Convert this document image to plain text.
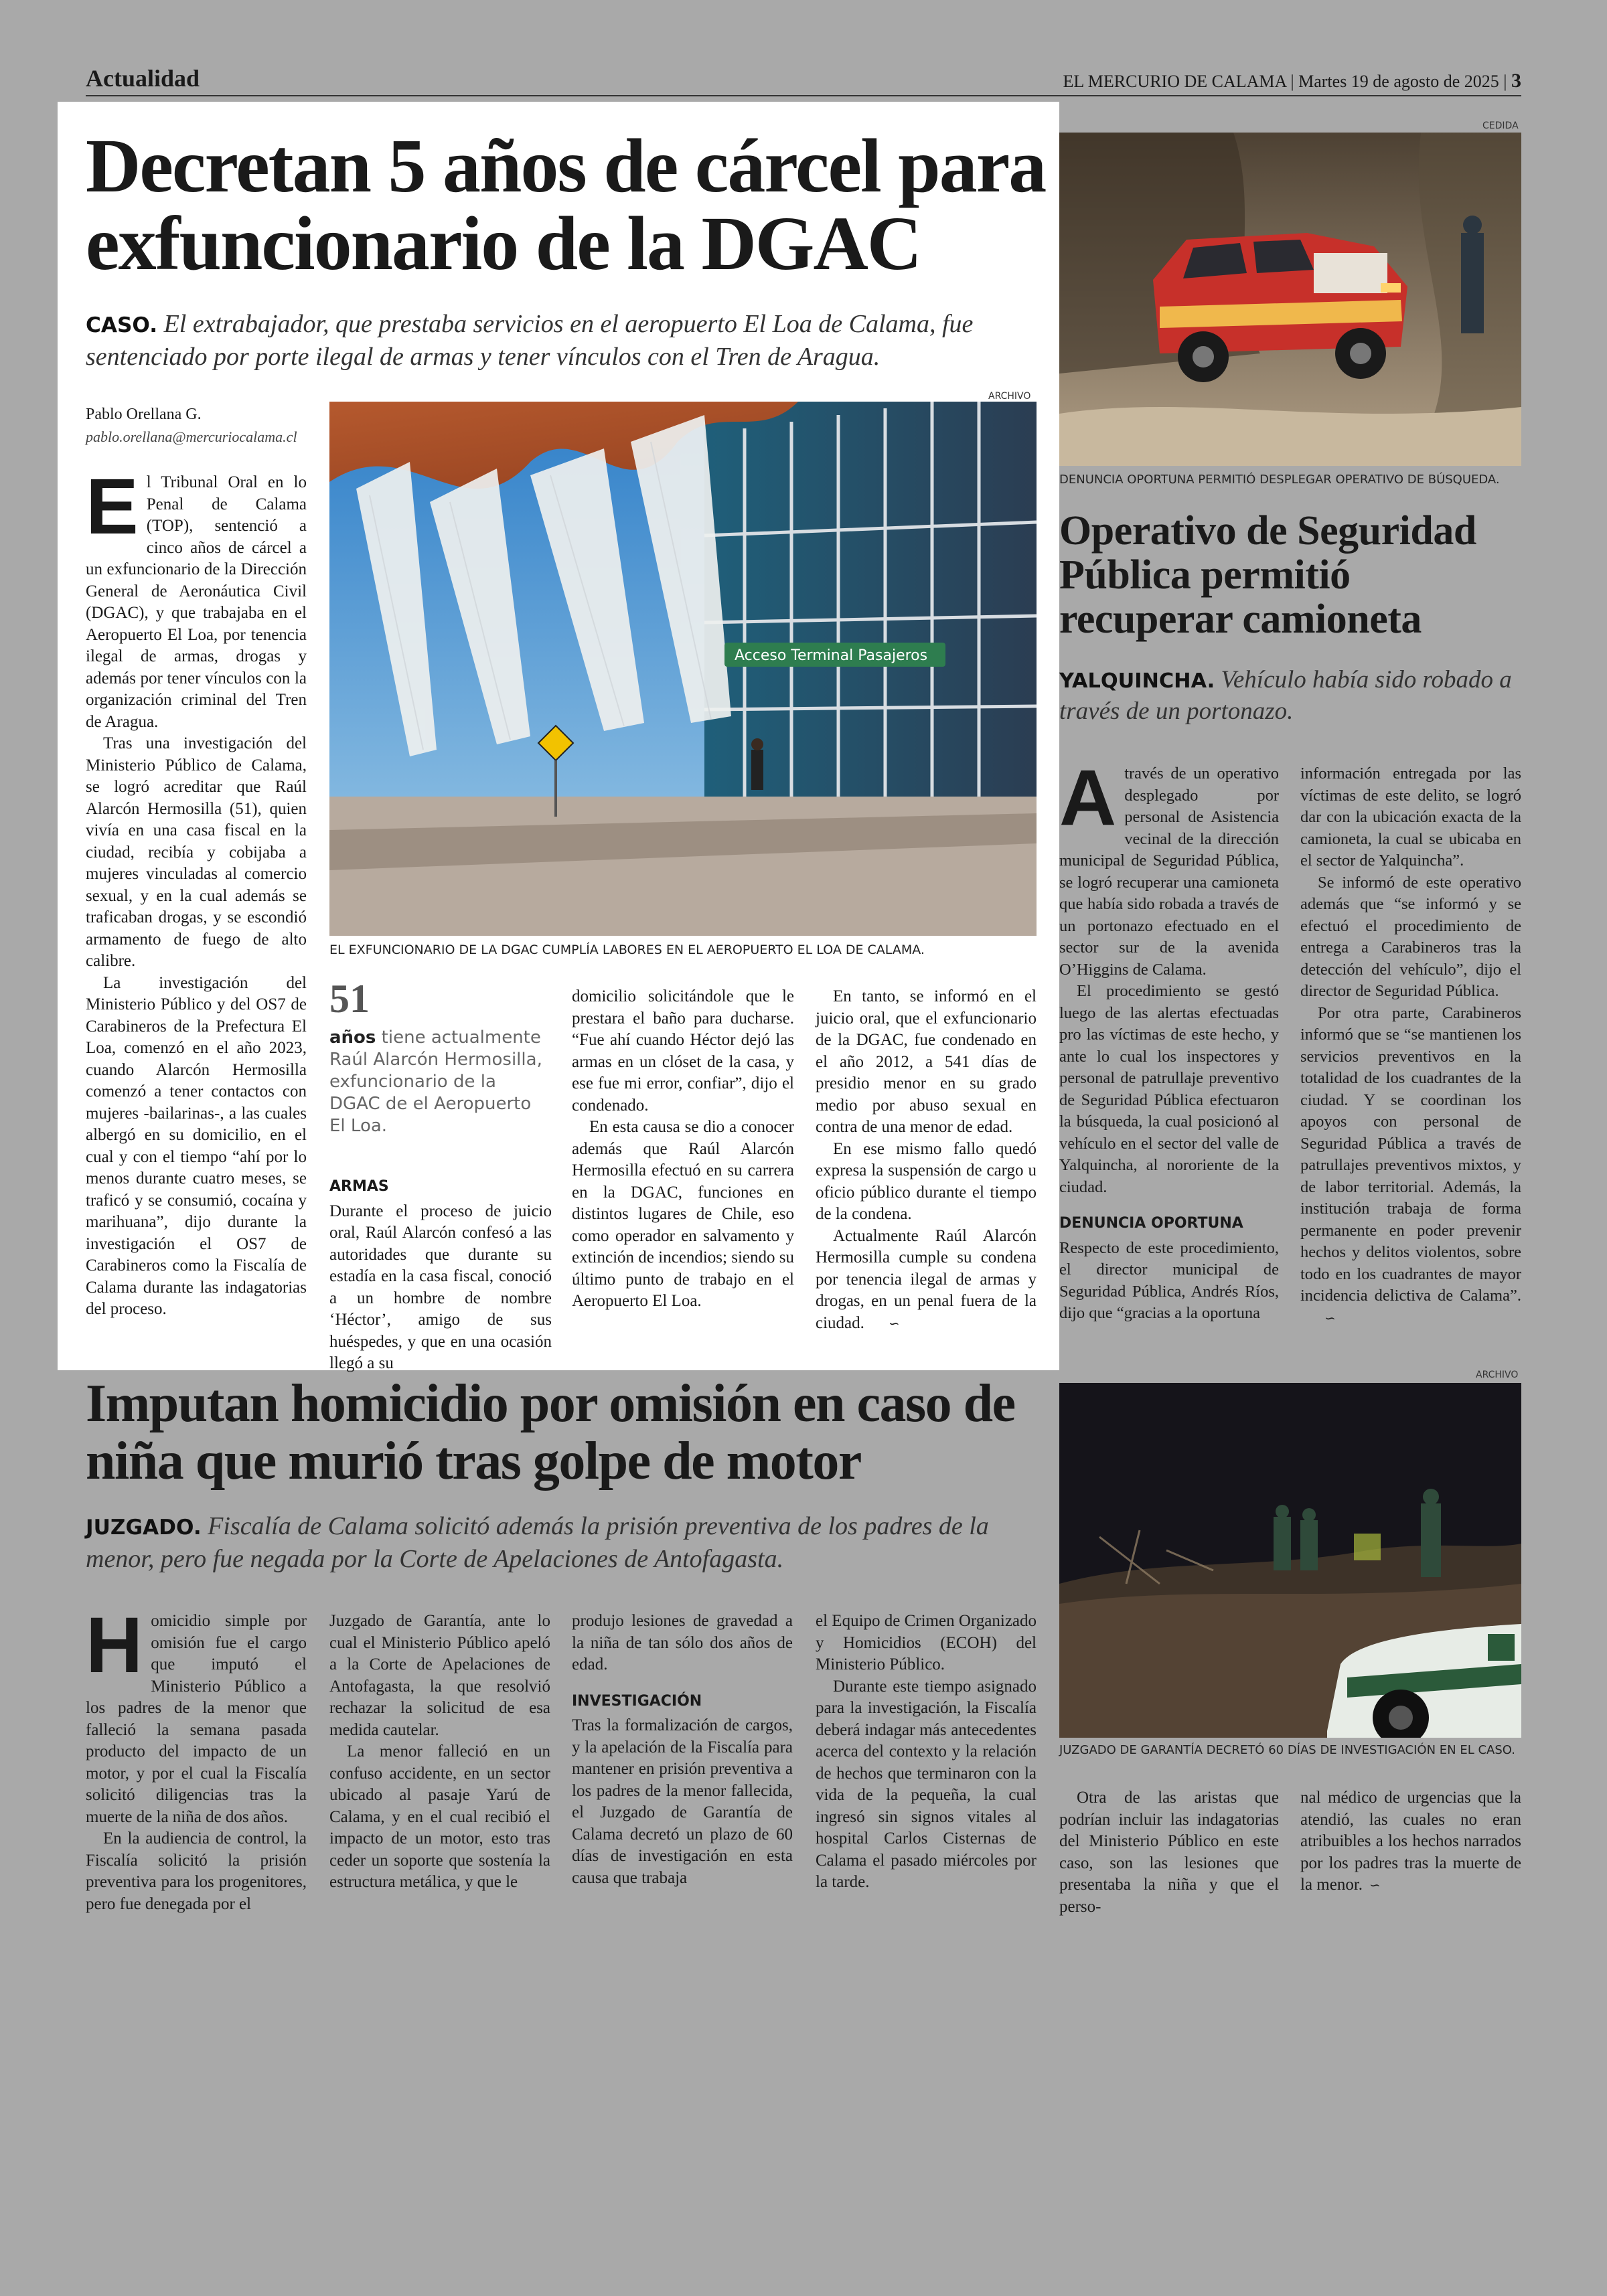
Actualidad	EL MERCURIO DE CALAMA | Martes 19 de agosto de 2025 | 3
Decretan 5 años de cárcel para exfuncionario de la DGAC
CASO. El extrabajador, que prestaba servicios en el aeropuerto El Loa de Calama, fue sentenciado por porte ilegal de armas y tener vínculos con el Tren de Aragua.
Pablo Orellana G.
pablo.orellana@mercuriocalama.cl

El Tribunal Oral en lo Penal de Calama (TOP), sentenció a cinco años de cárcel a un exfuncionario de la Dirección General de Aeronáutica Civil (DGAC), y que trabajaba en el Aeropuerto El Loa, por tenencia ilegal de armas, drogas y además por tener vínculos con la organización criminal del Tren de Aragua.

Tras una investigación del Ministerio Público de Calama, se logró acreditar que Raúl Alarcón Hermosilla (51), quien vivía en una casa fiscal en la ciudad, recibía y cobijaba a mujeres vinculadas al comercio sexual, y en la cual además se traficaban drogas, y se escondió armamento de fuego de alto calibre.

La investigación del Ministerio Público y del OS7 de Carabineros de la Prefectura El Loa, comenzó en el año 2023, cuando Alarcón Hermosilla comenzó a tener contactos con mujeres -bailarinas-, a las cuales albergó en su domicilio, en el cual y con el tiempo “ahí por lo menos durante cuatro meses, se traficó y se consumió, cocaína y marihuana”, dijo durante la investigación el OS7 de Carabineros como la Fiscalía de Calama durante las indagatorias del proceso.

ARCHIVO
Acceso Terminal Pasajeros
EL EXFUNCIONARIO DE LA DGAC CUMPLÍA LABORES EN EL AEROPUERTO EL LOA DE CALAMA.
51
años tiene actualmente Raúl Alarcón Hermosilla, exfuncionario de la DGAC de el Aeropuerto El Loa.
ARMAS

Durante el proceso de juicio oral, Raúl Alarcón confesó a las autoridades que durante su estadía en la casa fiscal, conoció a un hombre de nombre ‘Héctor’, amigo de sus huéspedes, y que en una ocasión llegó a su

domicilio solicitándole que le prestara el baño para ducharse. “Fue ahí cuando Héctor dejó las armas en un clóset de la casa, y ese fue mi error, confiar”, dijo el condenado.

En esta causa se dio a conocer además que Raúl Alarcón Hermosilla efectuó en su carrera en la DGAC, funciones en distintos lugares de Chile, eso como operador en salvamento y extinción de incendios; siendo su último punto de trabajo en el Aeropuerto El Loa.

En tanto, se informó en el juicio oral, que el exfuncionario de la DGAC, fue condenado en el año 2012, a 541 días de presidio menor en su grado medio por abuso sexual en contra de una menor de edad.

En ese mismo fallo quedó expresa la suspensión de cargo u oficio público durante el tiempo de la condena.

Actualmente Raúl Alarcón Hermosilla cumple su condena por tenencia ilegal de armas y drogas, en un penal fuera de la ciudad. ∽

CEDIDA
DENUNCIA OPORTUNA PERMITIÓ DESPLEGAR OPERATIVO DE BÚSQUEDA.
Operativo de Seguridad Pública permitió recuperar camioneta
YALQUINCHA. Vehículo había sido robado a través de un portonazo.

Através de un operativo desplegado por personal de Asistencia vecinal de la dirección municipal de Seguridad Pública, se logró recuperar una camioneta que había sido robada a través de un portonazo efectuado en el sector sur de la avenida O’Higgins de Calama.

El procedimiento se gestó luego de las alertas efectuadas pro las víctimas de este hecho, y ante lo cual los inspectores y personal de patrullaje preventivo de Seguridad Pública efectuaron la búsqueda, la cual posicionó al vehículo en el sector del valle de Yalquincha, al nororiente de la ciudad.

DENUNCIA OPORTUNA

Respecto de este procedimiento, el director municipal de Seguridad Pública, Andrés Ríos, dijo que “gracias a la oportuna

información entregada por las víctimas de este delito, se logró dar con la ubicación exacta de la camioneta, la cual se ubicaba en el sector de Yalquincha”.

Se informó de este operativo además que “se informó y se efectuó el procedimiento de entrega a Carabineros tras la detección del vehículo”, dijo el director de Seguridad Pública.

Por otra parte, Carabineros informó que se “se mantienen los servicios preventivos en la totalidad de los cuadrantes de la ciudad. Y se coordinan los apoyos con personal de Seguridad Pública a través de patrullajes preventivos mixtos, y de labor territorial. Además, la institución trabaja de forma permanente en poder prevenir hechos y delitos violentos, sobre todo en los cuadrantes de mayor incidencia delictiva de Calama”.∽

Imputan homicidio por omisión en caso de niña que murió tras golpe de motor
JUZGADO. Fiscalía de Calama solicitó además la prisión preventiva de los padres de la menor, pero fue negada por la Corte de Apelaciones de Antofagasta.

Homicidio simple por omisión fue el cargo que imputó el Ministerio Público a los padres de la menor que falleció la semana pasada producto del impacto de un motor, y por el cual la Fiscalía solicitó diligencias tras la muerte de la niña de dos años.

En la audiencia de control, la Fiscalía solicitó la prisión preventiva para los progenitores, pero fue denegada por el

Juzgado de Garantía, ante lo cual el Ministerio Público apeló a la Corte de Apelaciones de Antofagasta, la que resolvió rechazar la solicitud de esa medida cautelar.

La menor falleció en un confuso accidente, en un sector ubicado al pasaje Yarú de Calama, y en el cual recibió el impacto de un motor, esto tras ceder un soporte que sostenía la estructura metálica, y que le

produjo lesiones de gravedad a la niña de tan sólo dos años de edad.

INVESTIGACIÓN

Tras la formalización de cargos, y la apelación de la Fiscalía para mantener en prisión preventiva a los padres de la menor fallecida, el Juzgado de Garantía de Calama decretó un plazo de 60 días de investigación en esta causa que trabaja

el Equipo de Crimen Organizado y Homicidios (ECOH) del Ministerio Público.

Durante este tiempo asignado para la investigación, la Fiscalía deberá indagar más antecedentes acerca del contexto y la relación de hechos que terminaron con la vida de la pequeña, la cual ingresó sin signos vitales al hospital Carlos Cisternas de Calama el pasado miércoles por la tarde.

ARCHIVO
JUZGADO DE GARANTÍA DECRETÓ 60 DÍAS DE INVESTIGACIÓN EN EL CASO.

Otra de las aristas que podrían incluir las indagatorias del Ministerio Público en este caso, son las lesiones que presentaba la niña y que el perso-

nal médico de urgencias que la atendió, las cuales no eran atribuibles a los hechos narrados por los padres tras la muerte de la menor. ∽
